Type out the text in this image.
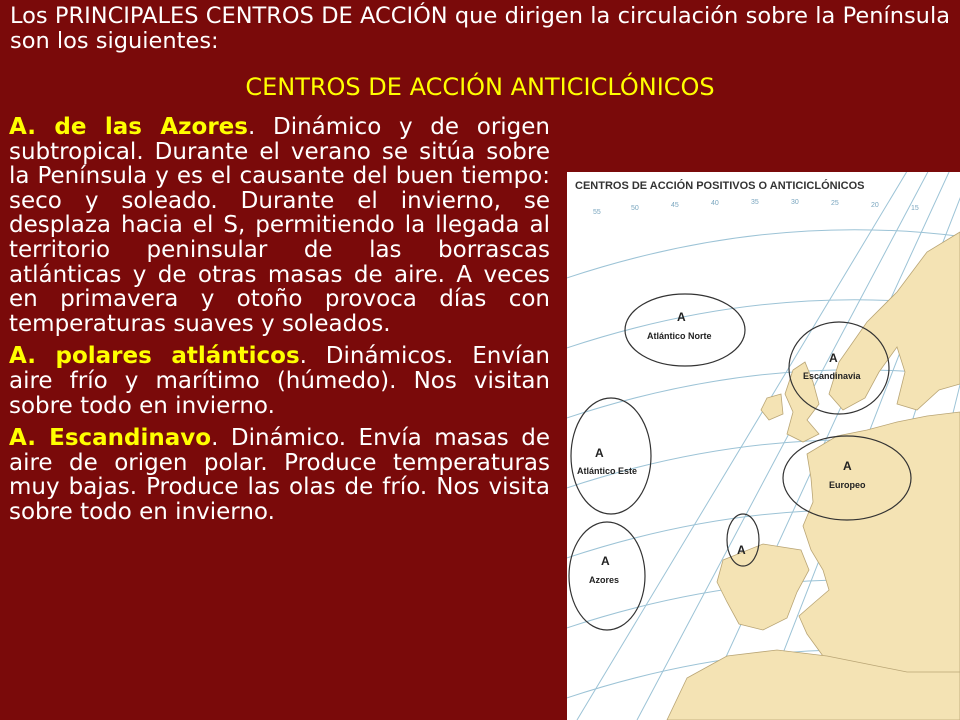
Los PRINCIPALES CENTROS DE ACCIÓN que dirigen la circulación sobre la Península son los siguientes:
CENTROS DE ACCIÓN ANTICICLÓNICOS

A. de las Azores. Dinámico y de origen subtropical. Durante el verano se sitúa sobre la Península y es el causante del buen tiempo: seco y soleado. Durante el invierno, se desplaza hacia el S, permitiendo la llegada al territorio peninsular de las borrascas atlánticas y de otras masas de aire. A veces en primavera y otoño provoca días con temperaturas suaves y soleados.

A. polares atlánticos. Dinámicos. Envían aire frío y marítimo (húmedo). Nos visitan sobre todo en invierno.

A. Escandinavo. Dinámico. Envía masas de aire de origen polar. Produce temperaturas muy bajas. Produce las olas de frío. Nos visita sobre todo en invierno.

CENTROS DE ACCIÓN POSITIVOS O ANTICICLÓNICOS
55
50	45	40	35	30	25	20	15
A
Atlántico Norte
A
Escandinavia
A
Atlántico Este	A
Europeo
A
Azores
A
